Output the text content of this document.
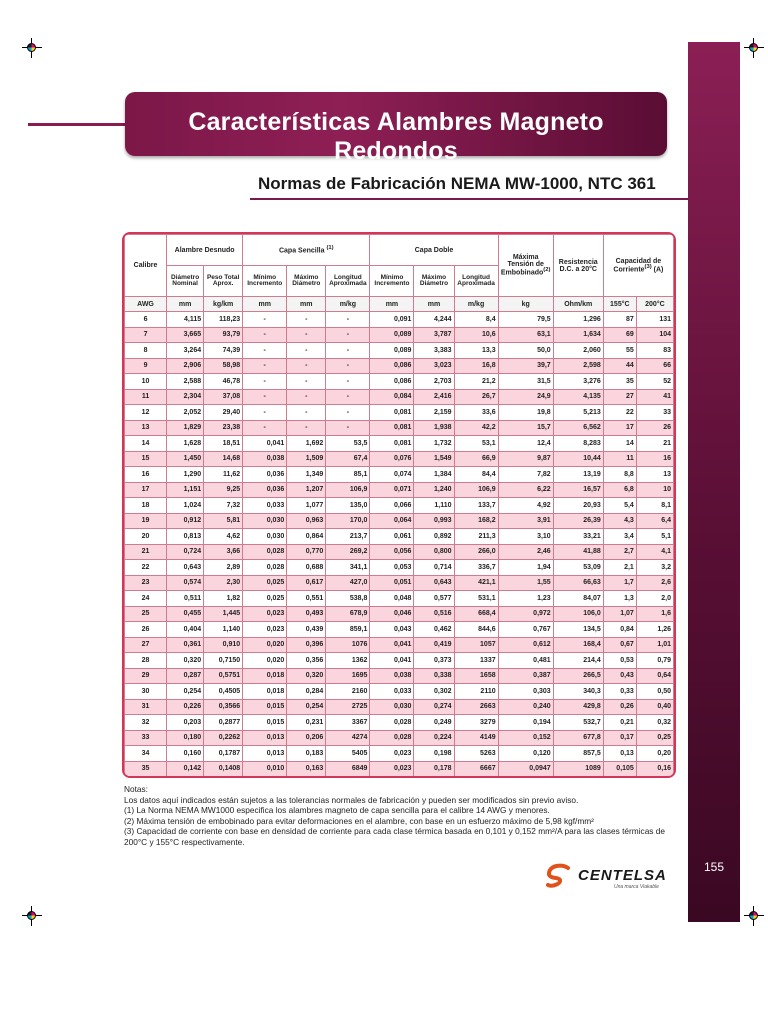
155
Características Alambres Magneto Redondos
Normas de Fabricación NEMA MW-1000, NTC 361
Calibre	Alambre Desnudo		Capa Sencilla $^{(1)}$			Capa Doble			Máxima Tensión de Embobinado$^{(2)}$	Resistencia D.C. a 20°C	Capacidad de Corriente$^{(3)}$ (A)	
	Diámetro Nominal	Peso Total Aprox.	Mínimo Incremento	Máximo Diámetro	Longitud Aproximada	Mínimo Incremento	Máximo Diámetro	Longitud Aproximada				
AWG	mm	kg/km	mm	mm	m/kg	mm	mm	m/kg	kg	Ohm/km	155°C	200°C
6	4,115	118,23	-	-	-	0,091	4,244	8,4	79,5	1,296	87	131
7	3,665	93,79	-	-	-	0,089	3,787	10,6	63,1	1,634	69	104
8	3,264	74,39	-	-	-	0,089	3,383	13,3	50,0	2,060	55	83
9	2,906	58,98	-	-	-	0,086	3,023	16,8	39,7	2,598	44	66
10	2,588	46,78	-	-	-	0,086	2,703	21,2	31,5	3,276	35	52
11	2,304	37,08	-	-	-	0,084	2,416	26,7	24,9	4,135	27	41
12	2,052	29,40	-	-	-	0,081	2,159	33,6	19,8	5,213	22	33
13	1,829	23,38	-	-	-	0,081	1,938	42,2	15,7	6,562	17	26
14	1,628	18,51	0,041	1,692	53,5	0,081	1,732	53,1	12,4	8,283	14	21
15	1,450	14,68	0,038	1,509	67,4	0,076	1,549	66,9	9,87	10,44	11	16
16	1,290	11,62	0,036	1,349	85,1	0,074	1,384	84,4	7,82	13,19	8,8	13
17	1,151	9,25	0,036	1,207	106,9	0,071	1,240	106,9	6,22	16,57	6,8	10
18	1,024	7,32	0,033	1,077	135,0	0,066	1,110	133,7	4,92	20,93	5,4	8,1
19	0,912	5,81	0,030	0,963	170,0	0,064	0,993	168,2	3,91	26,39	4,3	6,4
20	0,813	4,62	0,030	0,864	213,7	0,061	0,892	211,3	3,10	33,21	3,4	5,1
21	0,724	3,66	0,028	0,770	269,2	0,056	0,800	266,0	2,46	41,88	2,7	4,1
22	0,643	2,89	0,028	0,688	341,1	0,053	0,714	336,7	1,94	53,09	2,1	3,2
23	0,574	2,30	0,025	0,617	427,0	0,051	0,643	421,1	1,55	66,63	1,7	2,6
24	0,511	1,82	0,025	0,551	538,8	0,048	0,577	531,1	1,23	84,07	1,3	2,0
25	0,455	1,445	0,023	0,493	678,9	0,046	0,516	668,4	0,972	106,0	1,07	1,6
26	0,404	1,140	0,023	0,439	859,1	0,043	0,462	844,6	0,767	134,5	0,84	1,26
27	0,361	0,910	0,020	0,396	1076	0,041	0,419	1057	0,612	168,4	0,67	1,01
28	0,320	0,7150	0,020	0,356	1362	0,041	0,373	1337	0,481	214,4	0,53	0,79
29	0,287	0,5751	0,018	0,320	1695	0,038	0,338	1658	0,387	266,5	0,43	0,64
30	0,254	0,4505	0,018	0,284	2160	0,033	0,302	2110	0,303	340,3	0,33	0,50
31	0,226	0,3566	0,015	0,254	2725	0,030	0,274	2663	0,240	429,8	0,26	0,40
32	0,203	0,2877	0,015	0,231	3367	0,028	0,249	3279	0,194	532,7	0,21	0,32
33	0,180	0,2262	0,013	0,206	4274	0,028	0,224	4149	0,152	677,8	0,17	0,25
34	0,160	0,1787	0,013	0,183	5405	0,023	0,198	5263	0,120	857,5	0,13	0,20
35	0,142	0,1408	0,010	0,163	6849	0,023	0,178	6667	0,0947	1089	0,105	0,16

Notas:
Los datos aquí indicados están sujetos a las tolerancias normales de fabricación y pueden ser modificados sin previo aviso.
(1) La Norma NEMA MW1000 especifica los alambres magneto de capa sencilla para el calibre 14 AWG y menores.
(2) Máxima tensión de embobinado para evitar deformaciones en el alambre, con base en un esfuerzo máximo de 5,98 kgf/mm²
(3) Capacidad de corriente con base en densidad de corriente para cada clase térmica basada en 0,101 y 0,152 mm²/A para las clases térmicas de 200°C y 155°C respectivamente.
CENTELSA
Una marca Viakable
